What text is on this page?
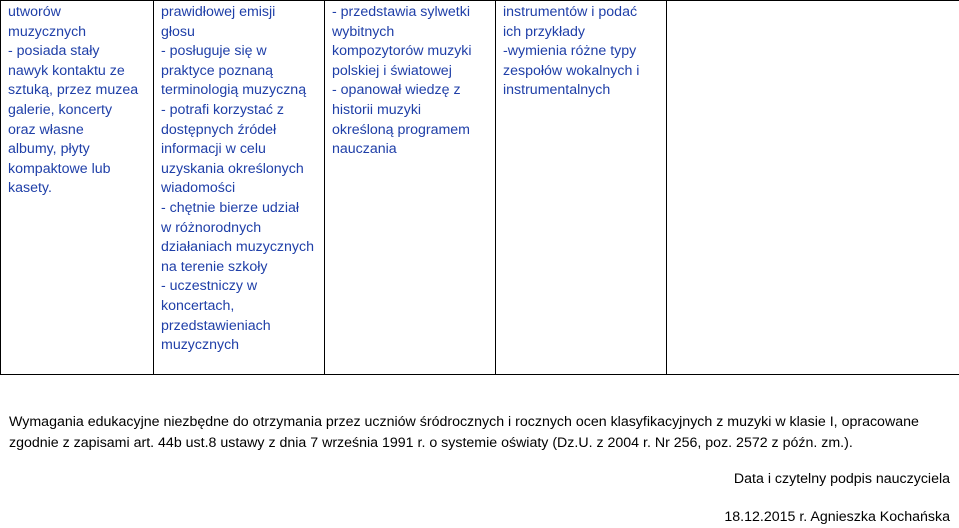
utworów
muzycznych
- posiada stały
nawyk kontaktu ze
sztuką, przez muzea
galerie, koncerty
oraz własne
albumy, płyty
kompaktowe lub
kasety.

prawidłowej emisji
głosu
- posługuje się w
praktyce poznaną
terminologią muzyczną
- potrafi korzystać z
dostępnych źródeł
informacji w celu
uzyskania określonych
wiadomości
- chętnie bierze udział
w różnorodnych
działaniach muzycznych
na terenie szkoły
- uczestniczy w
koncertach,
przedstawieniach
muzycznych

- przedstawia sylwetki
wybitnych
kompozytorów muzyki
polskiej i światowej
- opanował wiedzę z
historii muzyki
określoną programem
nauczania

instrumentów i podać
ich przykłady
-wymienia różne typy
zespołów wokalnych i
instrumentalnych

Wymagania edukacyjne niezbędne do otrzymania przez uczniów śródrocznych i rocznych ocen klasyfikacyjnych z muzyki w klasie I, opracowane zgodnie z zapisami art. 44b ust.8 ustawy z dnia 7 września 1991 r. o systemie oświaty (Dz.U. z 2004 r. Nr 256, poz. 2572 z późn. zm.).
Data i czytelny podpis nauczyciela
18.12.2015 r. Agnieszka Kochańska
